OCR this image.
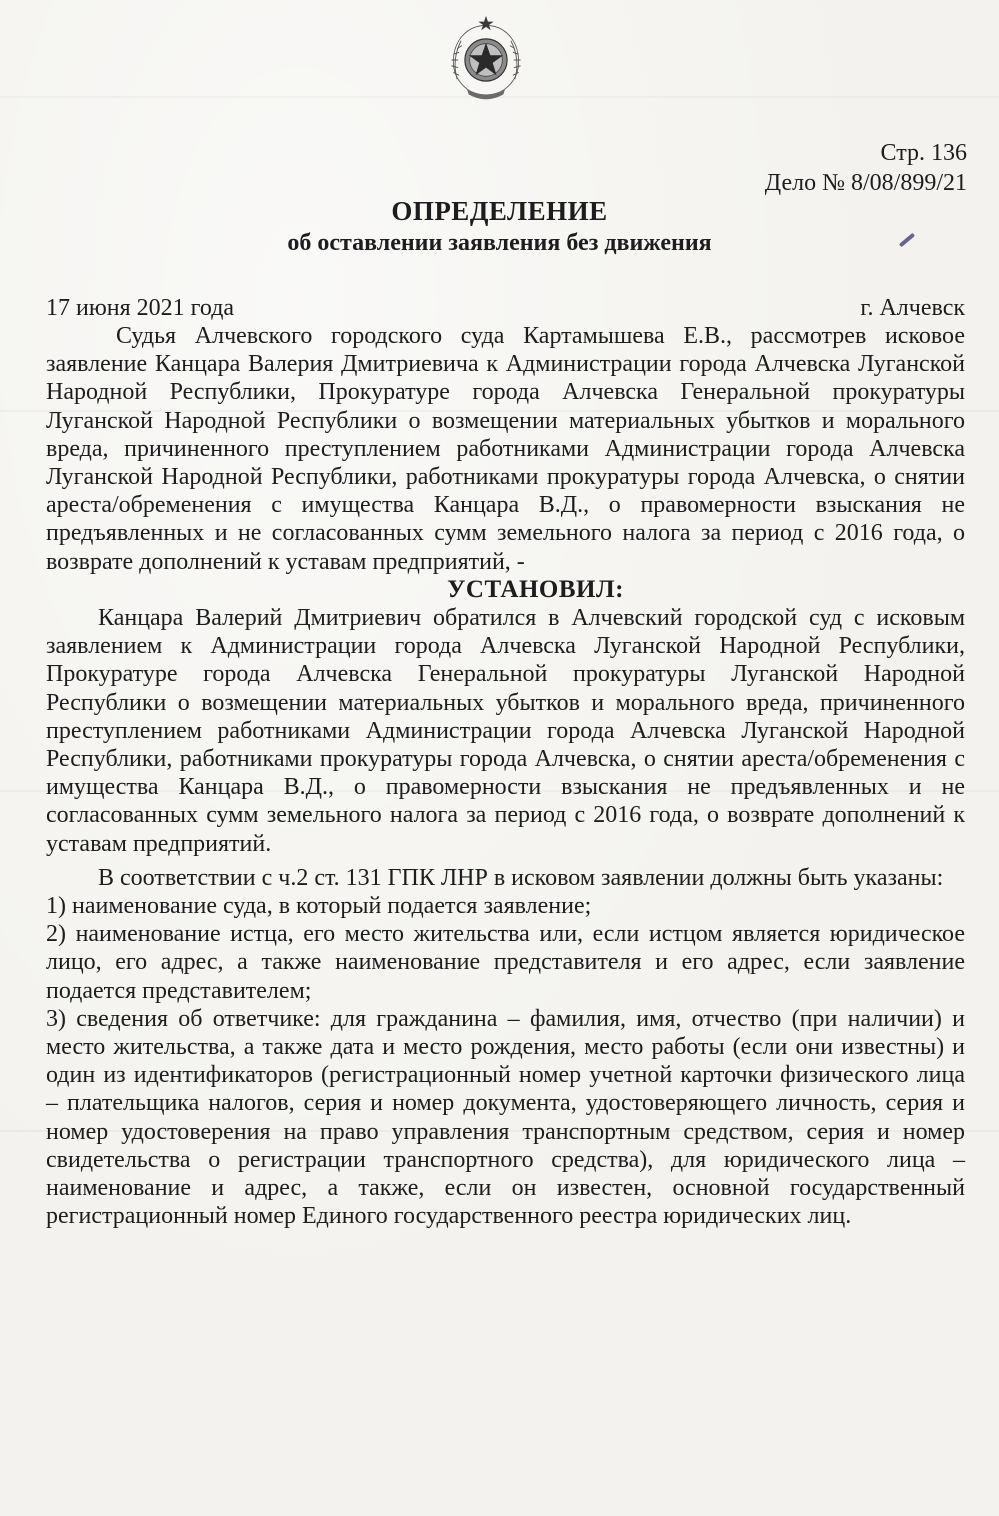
Стр. 136
Дело № 8/08/899/21
ОПРЕДЕЛЕНИЕ
об оставлении заявления без движения
17 июня 2021 года	г. Алчевск

Судья Алчевского городского суда Картамышева Е.В., рассмотрев исковое заявление Канцара Валерия Дмитриевича к Администрации города Алчевска Луганской Народной Республики, Прокуратуре города Алчевска Генеральной прокуратуры Луганской Народной Республики о возмещении материальных убытков и морального вреда, причиненного преступлением работниками Администрации города Алчевска Луганской Народной Республики, работниками прокуратуры города Алчевска, о снятии ареста/обременения с имущества Канцара В.Д., о правомерности взыскания не предъявленных и не согласованных сумм земельного налога за период с 2016 года, о возврате дополнений к уставам предприятий, -

УСТАНОВИЛ:

Канцара Валерий Дмитриевич обратился в Алчевский городской суд с исковым заявлением к Администрации города Алчевска Луганской Народной Республики, Прокуратуре города Алчевска Генеральной прокуратуры Луганской Народной Республики о возмещении материальных убытков и морального вреда, причиненного преступлением работниками Администрации города Алчевска Луганской Народной Республики, работниками прокуратуры города Алчевска, о снятии ареста/обременения с имущества Канцара В.Д., о правомерности взыскания не предъявленных и не согласованных сумм земельного налога за период с 2016 года, о возврате дополнений к уставам предприятий.

В соответствии с ч.2 ст. 131 ГПК ЛНР в исковом заявлении должны быть указаны:

1) наименование суда, в который подается заявление;

2) наименование истца, его место жительства или, если истцом является юридическое лицо, его адрес, а также наименование представителя и его адрес, если заявление подается представителем;

3) сведения об ответчике: для гражданина – фамилия, имя, отчество (при наличии) и место жительства, а также дата и место рождения, место работы (если они известны) и один из идентификаторов (регистрационный номер учетной карточки физического лица – плательщика налогов, серия и номер документа, удостоверяющего личность, серия и номер удостоверения на право управления транспортным средством, серия и номер свидетельства о регистрации транспортного средства), для юридического лица – наименование и адрес, а также, если он известен, основной государственный регистрационный номер Единого государственного реестра юридических лиц.
